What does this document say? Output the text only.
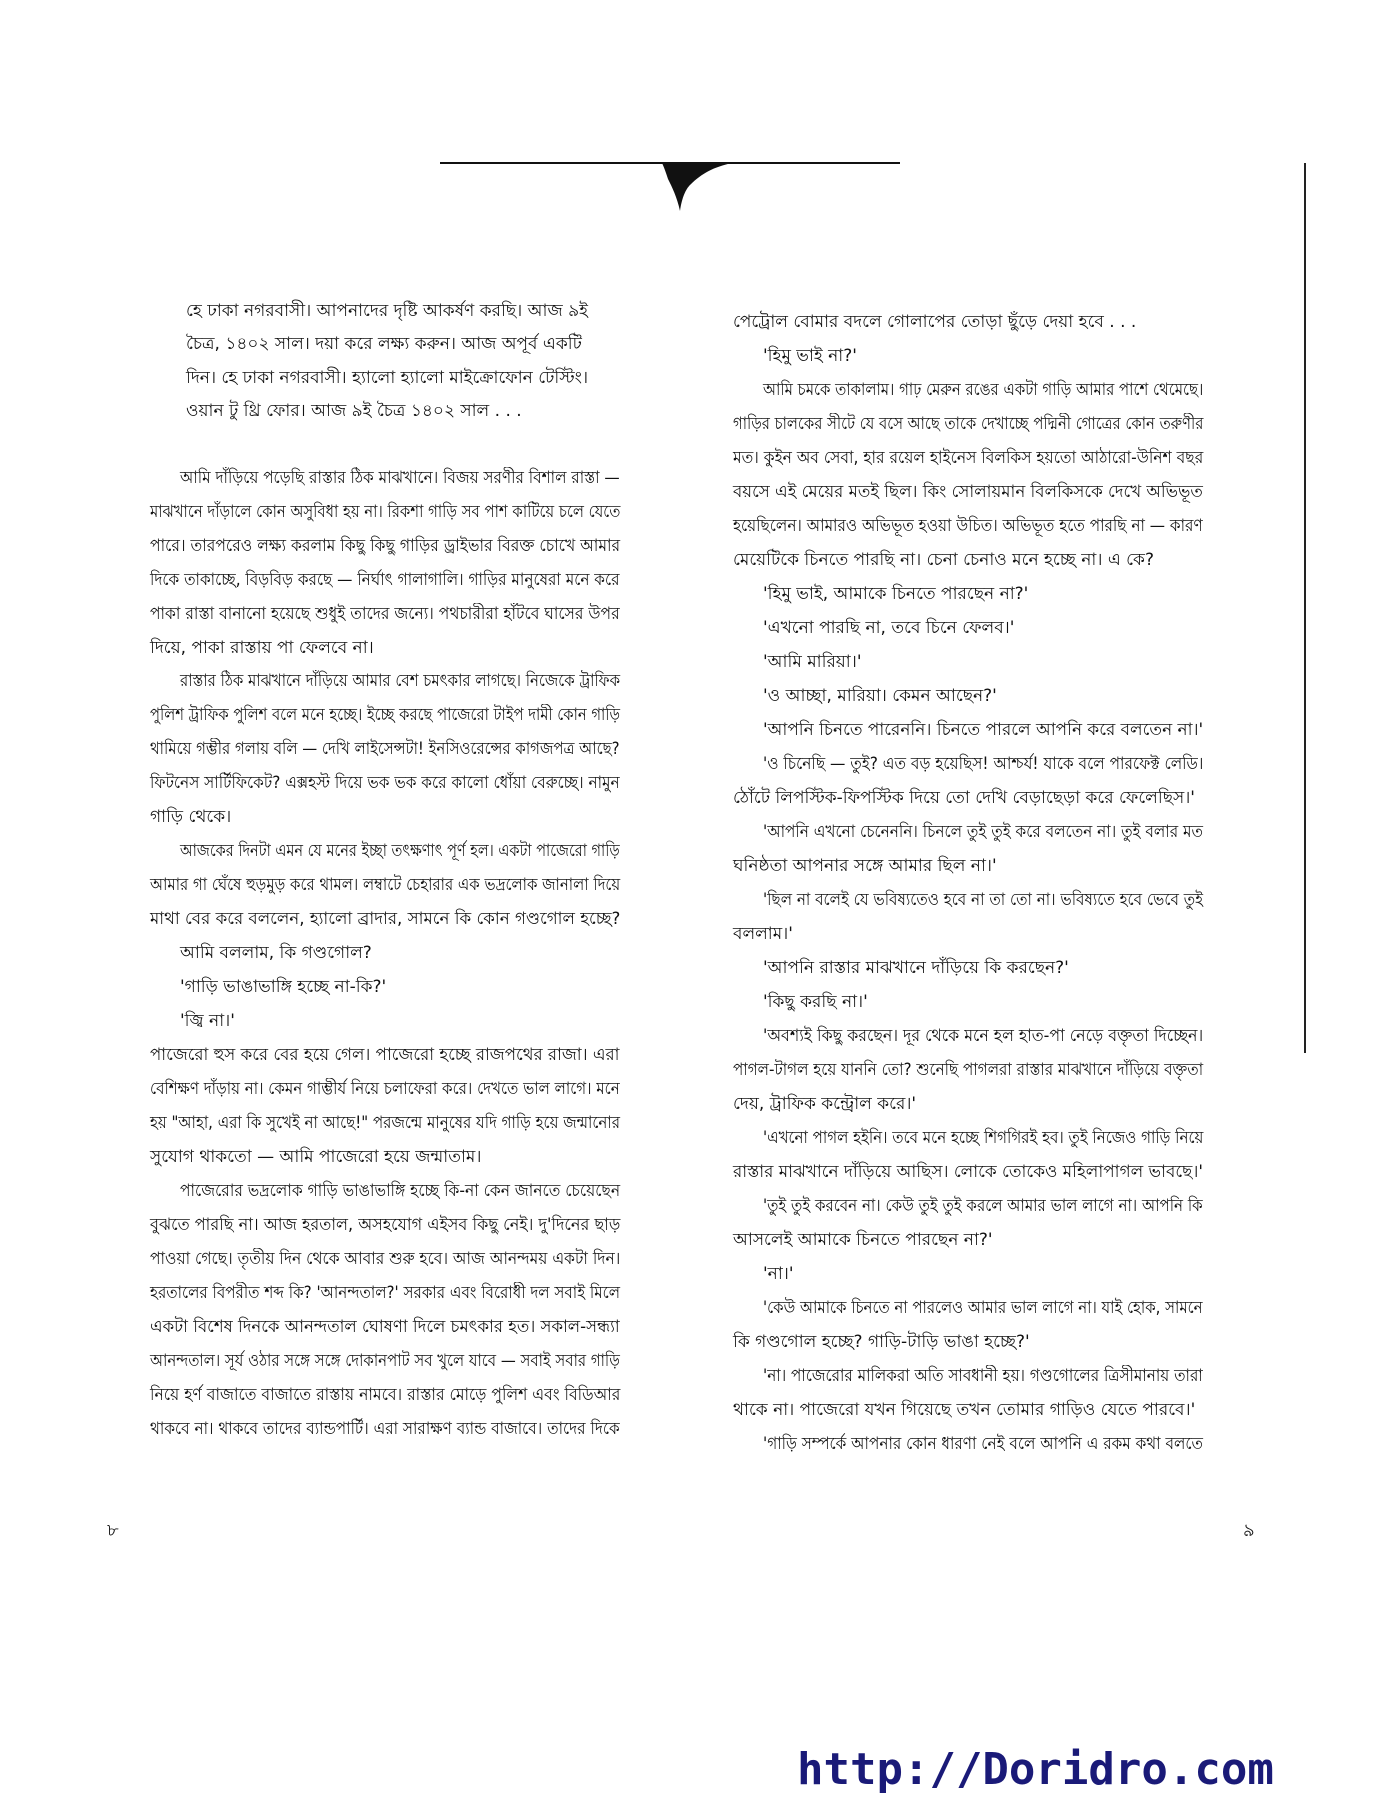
হে ঢাকা নগরবাসী। আপনাদের দৃষ্টি আকর্ষণ করছি। আজ ৯ই
চৈত্র, ১৪০২ সাল। দয়া করে লক্ষ্য করুন। আজ অপূর্ব একটি
দিন। হে ঢাকা নগরবাসী। হ্যালো হ্যালো মাইক্রোফোন টেস্টিং।
ওয়ান টু থ্রি ফোর। আজ ৯ই চৈত্র ১৪০২ সাল . . .
আমি দাঁড়িয়ে পড়েছি রাস্তার ঠিক মাঝখানে। বিজয় সরণীর বিশাল রাস্তা —
মাঝখানে দাঁড়ালে কোন অসুবিধা হয় না। রিকশা গাড়ি সব পাশ কাটিয়ে চলে যেতে
পারে। তারপরেও লক্ষ্য করলাম কিছু কিছু গাড়ির ড্রাইভার বিরক্ত চোখে আমার
দিকে তাকাচ্ছে, বিড়বিড় করছে — নির্ঘাৎ গালাগালি। গাড়ির মানুষেরা মনে করে
পাকা রাস্তা বানানো হয়েছে শুধুই তাদের জন্যে। পথচারীরা হাঁটবে ঘাসের উপর
দিয়ে, পাকা রাস্তায় পা ফেলবে না।
রাস্তার ঠিক মাঝখানে দাঁড়িয়ে আমার বেশ চমৎকার লাগছে। নিজেকে ট্রাফিক
পুলিশ ট্রাফিক পুলিশ বলে মনে হচ্ছে। ইচ্ছে করছে পাজেরো টাইপ দামী কোন গাড়ি
থামিয়ে গম্ভীর গলায় বলি — দেখি লাইসেন্সটা! ইনসিওরেন্সের কাগজপত্র আছে?
ফিটনেস সার্টিফিকেট? এক্সহস্ট দিয়ে ভক ভক করে কালো ধোঁয়া বেরুচ্ছে। নামুন
গাড়ি থেকে।
আজকের দিনটা এমন যে মনের ইচ্ছা তৎক্ষণাৎ পূর্ণ হল। একটা পাজেরো গাড়ি
আমার গা ঘেঁষে হুড়মুড় করে থামল। লম্বাটে চেহারার এক ভদ্রলোক জানালা দিয়ে
মাথা বের করে বললেন, হ্যালো ব্রাদার, সামনে কি কোন গণ্ডগোল হচ্ছে?
আমি বললাম, কি গণ্ডগোল?
'গাড়ি ভাঙাভাঙ্গি হচ্ছে না-কি?'
'জ্বি না।'
পাজেরো হুস করে বের হয়ে গেল। পাজেরো হচ্ছে রাজপথের রাজা। এরা
বেশিক্ষণ দাঁড়ায় না। কেমন গাম্ভীর্য নিয়ে চলাফেরা করে। দেখতে ভাল লাগে। মনে
হয় "আহা, এরা কি সুখেই না আছে!" পরজন্মে মানুষের যদি গাড়ি হয়ে জন্মানোর
সুযোগ থাকতো — আমি পাজেরো হয়ে জন্মাতাম।
পাজেরোর ভদ্রলোক গাড়ি ভাঙাভাঙ্গি হচ্ছে কি-না কেন জানতে চেয়েছেন
বুঝতে পারছি না। আজ হরতাল, অসহযোগ এইসব কিছু নেই। দু'দিনের ছাড়
পাওয়া গেছে। তৃতীয় দিন থেকে আবার শুরু হবে। আজ আনন্দময় একটা দিন।
হরতালের বিপরীত শব্দ কি? 'আনন্দতাল?' সরকার এবং বিরোধী দল সবাই মিলে
একটা বিশেষ দিনকে আনন্দতাল ঘোষণা দিলে চমৎকার হত। সকাল-সন্ধ্যা
আনন্দতাল। সূর্য ওঠার সঙ্গে সঙ্গে দোকানপাট সব খুলে যাবে — সবাই সবার গাড়ি
নিয়ে হর্ণ বাজাতে বাজাতে রাস্তায় নামবে। রাস্তার মোড়ে পুলিশ এবং বিডিআর
থাকবে না। থাকবে তাদের ব্যান্ডপার্টি। এরা সারাক্ষণ ব্যান্ড বাজাবে। তাদের দিকে
৮
পেট্রোল বোমার বদলে গোলাপের তোড়া ছুঁড়ে দেয়া হবে . . .
'হিমু ভাই না?'
আমি চমকে তাকালাম। গাঢ় মেরুন রঙের একটা গাড়ি আমার পাশে থেমেছে।
গাড়ির চালকের সীটে যে বসে আছে তাকে দেখাচ্ছে পদ্মিনী গোত্রের কোন তরুণীর
মত। কুইন অব সেবা, হার রয়েল হাইনেস বিলকিস হয়তো আঠারো-উনিশ বছর
বয়সে এই মেয়ের মতই ছিল। কিং সোলায়মান বিলকিসকে দেখে অভিভূত
হয়েছিলেন। আমারও অভিভূত হওয়া উচিত। অভিভূত হতে পারছি না — কারণ
মেয়েটিকে চিনতে পারছি না। চেনা চেনাও মনে হচ্ছে না। এ কে?
'হিমু ভাই, আমাকে চিনতে পারছেন না?'
'এখনো পারছি না, তবে চিনে ফেলব।'
'আমি মারিয়া।'
'ও আচ্ছা, মারিয়া। কেমন আছেন?'
'আপনি চিনতে পারেননি। চিনতে পারলে আপনি করে বলতেন না।'
'ও চিনেছি — তুই? এত বড় হয়েছিস! আশ্চর্য! যাকে বলে পারফেক্ট লেডি।
ঠোঁটে লিপস্টিক-ফিপস্টিক দিয়ে তো দেখি বেড়াছেড়া করে ফেলেছিস।'
'আপনি এখনো চেনেননি। চিনলে তুই তুই করে বলতেন না। তুই বলার মত
ঘনিষ্ঠতা আপনার সঙ্গে আমার ছিল না।'
'ছিল না বলেই যে ভবিষ্যতেও হবে না তা তো না। ভবিষ্যতে হবে ভেবে তুই
বললাম।'
'আপনি রাস্তার মাঝখানে দাঁড়িয়ে কি করছেন?'
'কিছু করছি না।'
'অবশ্যই কিছু করছেন। দূর থেকে মনে হল হাত-পা নেড়ে বক্তৃতা দিচ্ছেন।
পাগল-টাগল হয়ে যাননি তো? শুনেছি পাগলরা রাস্তার মাঝখানে দাঁড়িয়ে বক্তৃতা
দেয়, ট্রাফিক কন্ট্রোল করে।'
'এখনো পাগল হইনি। তবে মনে হচ্ছে শিগগিরই হব। তুই নিজেও গাড়ি নিয়ে
রাস্তার মাঝখানে দাঁড়িয়ে আছিস। লোকে তোকেও মহিলাপাগল ভাবছে।'
'তুই তুই করবেন না। কেউ তুই তুই করলে আমার ভাল লাগে না। আপনি কি
আসলেই আমাকে চিনতে পারছেন না?'
'না।'
'কেউ আমাকে চিনতে না পারলেও আমার ভাল লাগে না। যাই হোক, সামনে
কি গণ্ডগোল হচ্ছে? গাড়ি-টাড়ি ভাঙা হচ্ছে?'
'না। পাজেরোর মালিকরা অতি সাবধানী হয়। গণ্ডগোলের ত্রিসীমানায় তারা
থাকে না। পাজেরো যখন গিয়েছে তখন তোমার গাড়িও যেতে পারবে।'
'গাড়ি সম্পর্কে আপনার কোন ধারণা নেই বলে আপনি এ রকম কথা বলতে
৯
http://Doridro.com
